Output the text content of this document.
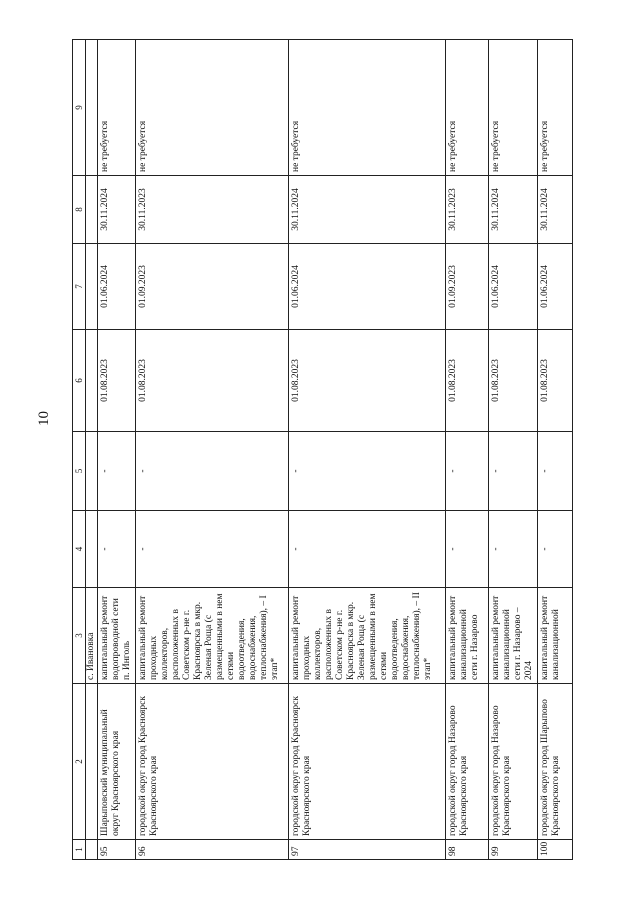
10
1	2	3	4	5	6	7	8	9
		с. Ивановка						
95	Шарыповский муниципальный округ Красноярского края	капитальный ремонт водопроводной сети п. Инголь	-	-	01.08.2023	01.06.2024	30.11.2024	не требуется
96	городской округ город Красноярск Красноярского края	капитальный ремонт проходных коллекторов, расположенных в Советском р-не г. Красноярска в мкр. Зеленая Роща (с размещенными в нем сетями водоотведения, водоснабжения, теплоснабжения), – I этап*	-	-	01.08.2023	01.09.2023	30.11.2023	не требуется
97	городской округ город Красноярск Красноярского края	капитальный ремонт проходных коллекторов, расположенных в Советском р-не г. Красноярска в мкр. Зеленая Роща (с размещенными в нем сетями водоотведения, водоснабжения, теплоснабжения), – II этап*	-	-	01.08.2023	01.06.2024	30.11.2024	не требуется
98	городской округ город Назарово Красноярского края	капитальный ремонт канализационной сети г. Назарово	-	-	01.08.2023	01.09.2023	30.11.2023	не требуется
99	городской округ город Назарово Красноярского края	капитальный ремонт канализационной сети г. Назарово – 2024	-	-	01.08.2023	01.06.2024	30.11.2024	не требуется
100	городской округ город Шарыпово Красноярского края	капитальный ремонт канализационной	-	-	01.08.2023	01.06.2024	30.11.2024	не требуется
